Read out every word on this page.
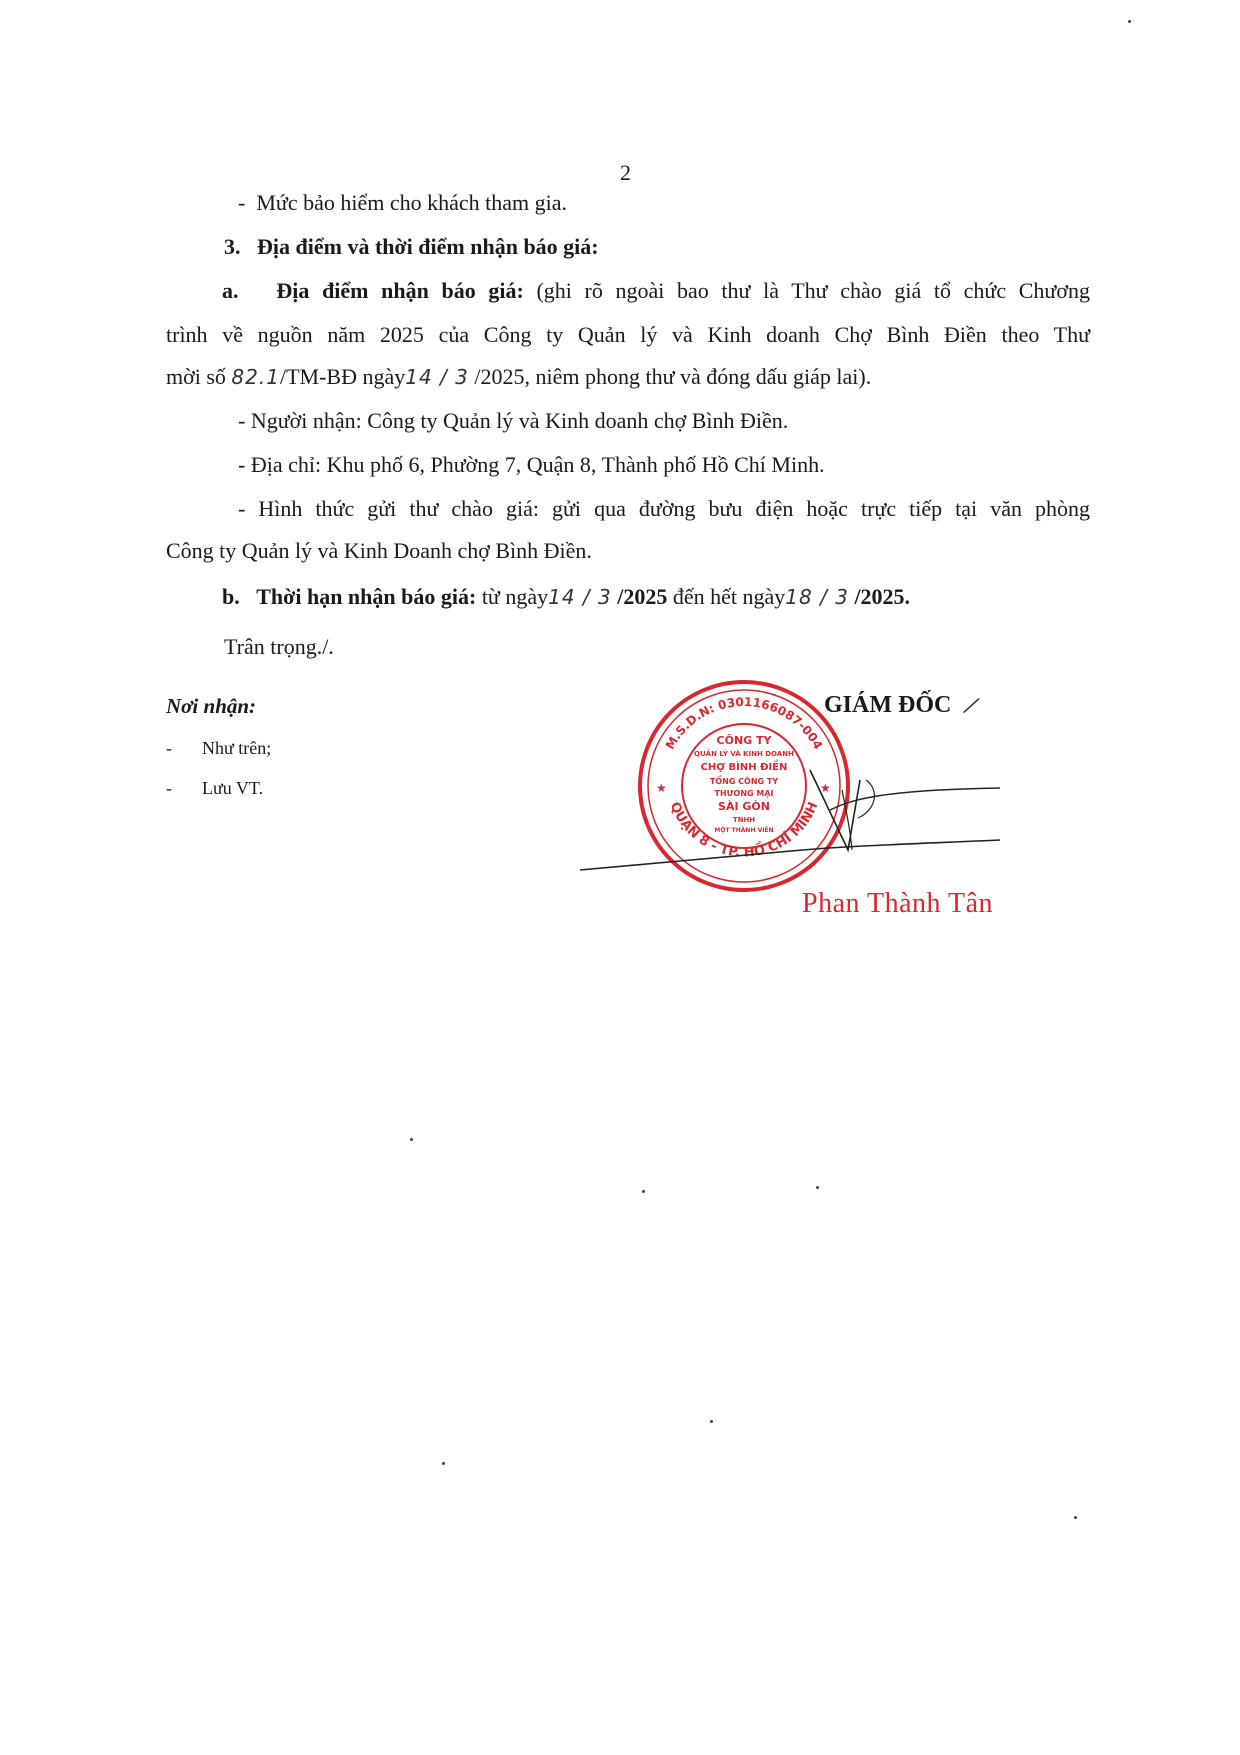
2
-  Mức bảo hiểm cho khách tham gia.
3. Địa điểm và thời điểm nhận báo giá:
a. Địa điểm nhận báo giá: (ghi rõ ngoài bao thư là Thư chào giá tổ chức Chương
trình về nguồn năm 2025 của Công ty Quản lý và Kinh doanh Chợ Bình Điền theo Thư
mời số 82.1/TM-BĐ ngày14 / 3 /2025, niêm phong thư và đóng dấu giáp lai).
- Người nhận: Công ty Quản lý và Kinh doanh chợ Bình Điền.
- Địa chỉ: Khu phố 6, Phường 7, Quận 8, Thành phố Hồ Chí Minh.
- Hình thức gửi thư chào giá: gửi qua đường bưu điện hoặc trực tiếp tại văn phòng
Công ty Quản lý và Kinh Doanh chợ Bình Điền.
b. Thời hạn nhận báo giá: từ ngày14 / 3 /2025 đến hết ngày18 / 3 /2025.
Trân trọng./.
Nơi nhận:
- Như trên;
- Lưu VT.	★	★
CÔNG TY
QUẢN LÝ VÀ KINH DOANH
CHỢ BÌNH ĐIỀN
TỔNG CÔNG TY
THƯƠNG MẠI
SÀI GÒN
TNHH
MỘT THÀNH VIÊN
M.S.D.N: 0301166087-004
QUẬN 8 - TP. HỒ CHÍ MINH
GIÁM ĐỐC ⟋
Phan Thành Tân
